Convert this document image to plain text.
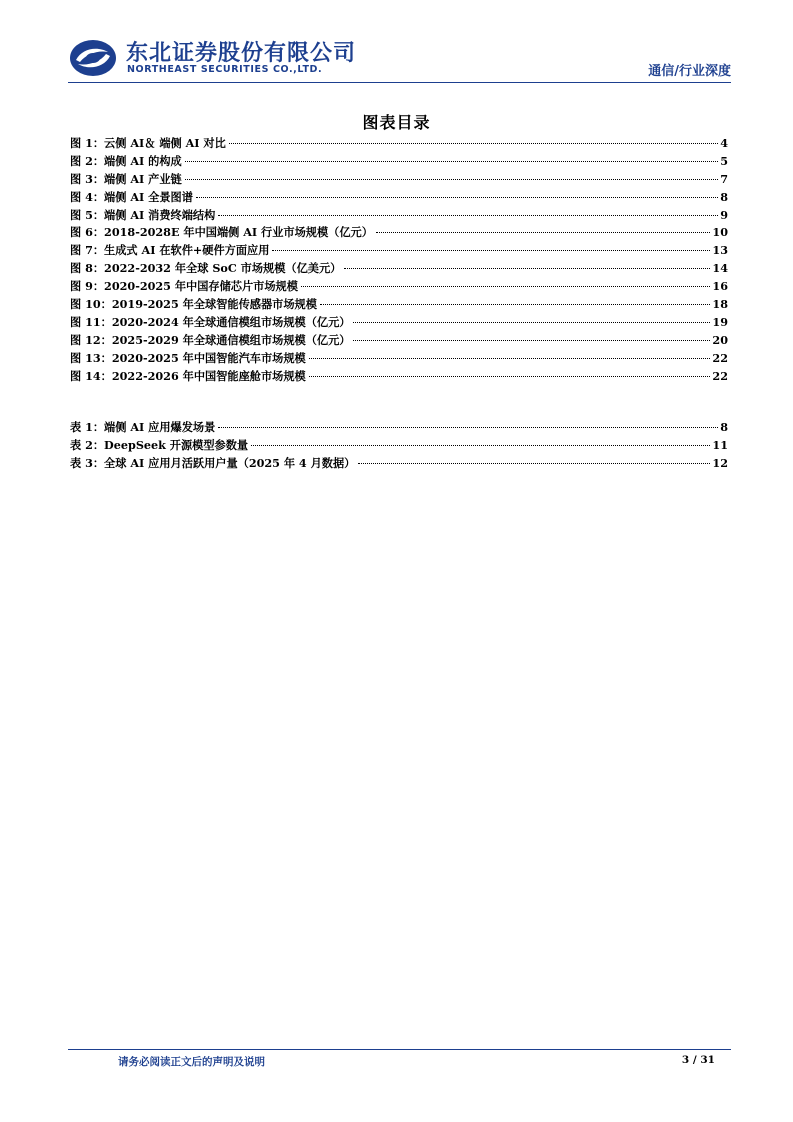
东北证券股份有限公司
NORTHEAST SECURITIES CO.,LTD.	通信/行业深度
图表目录
图 1：云侧 AI＆ 端侧 AI 对比	4
图 2：端侧 AI 的构成	5
图 3：端侧 AI 产业链	7
图 4：端侧 AI 全景图谱	8
图 5：端侧 AI 消费终端结构	9
图 6：2018-2028E 年中国端侧 AI 行业市场规模（亿元）	10
图 7：生成式 AI 在软件+硬件方面应用	13
图 8：2022-2032 年全球 SoC 市场规模（亿美元）	14
图 9：2020-2025 年中国存储芯片市场规模	16
图 10：2019-2025 年全球智能传感器市场规模	18
图 11：2020-2024 年全球通信模组市场规模（亿元）	19
图 12：2025-2029 年全球通信模组市场规模（亿元）	20
图 13：2020-2025 年中国智能汽车市场规模	22
图 14：2022-2026 年中国智能座舱市场规模	22
表 1：端侧 AI 应用爆发场景	8
表 2：DeepSeek 开源模型参数量	11
表 3：全球 AI 应用月活跃用户量（2025 年 4 月数据）	12
请务必阅读正文后的声明及说明	3 / 31
